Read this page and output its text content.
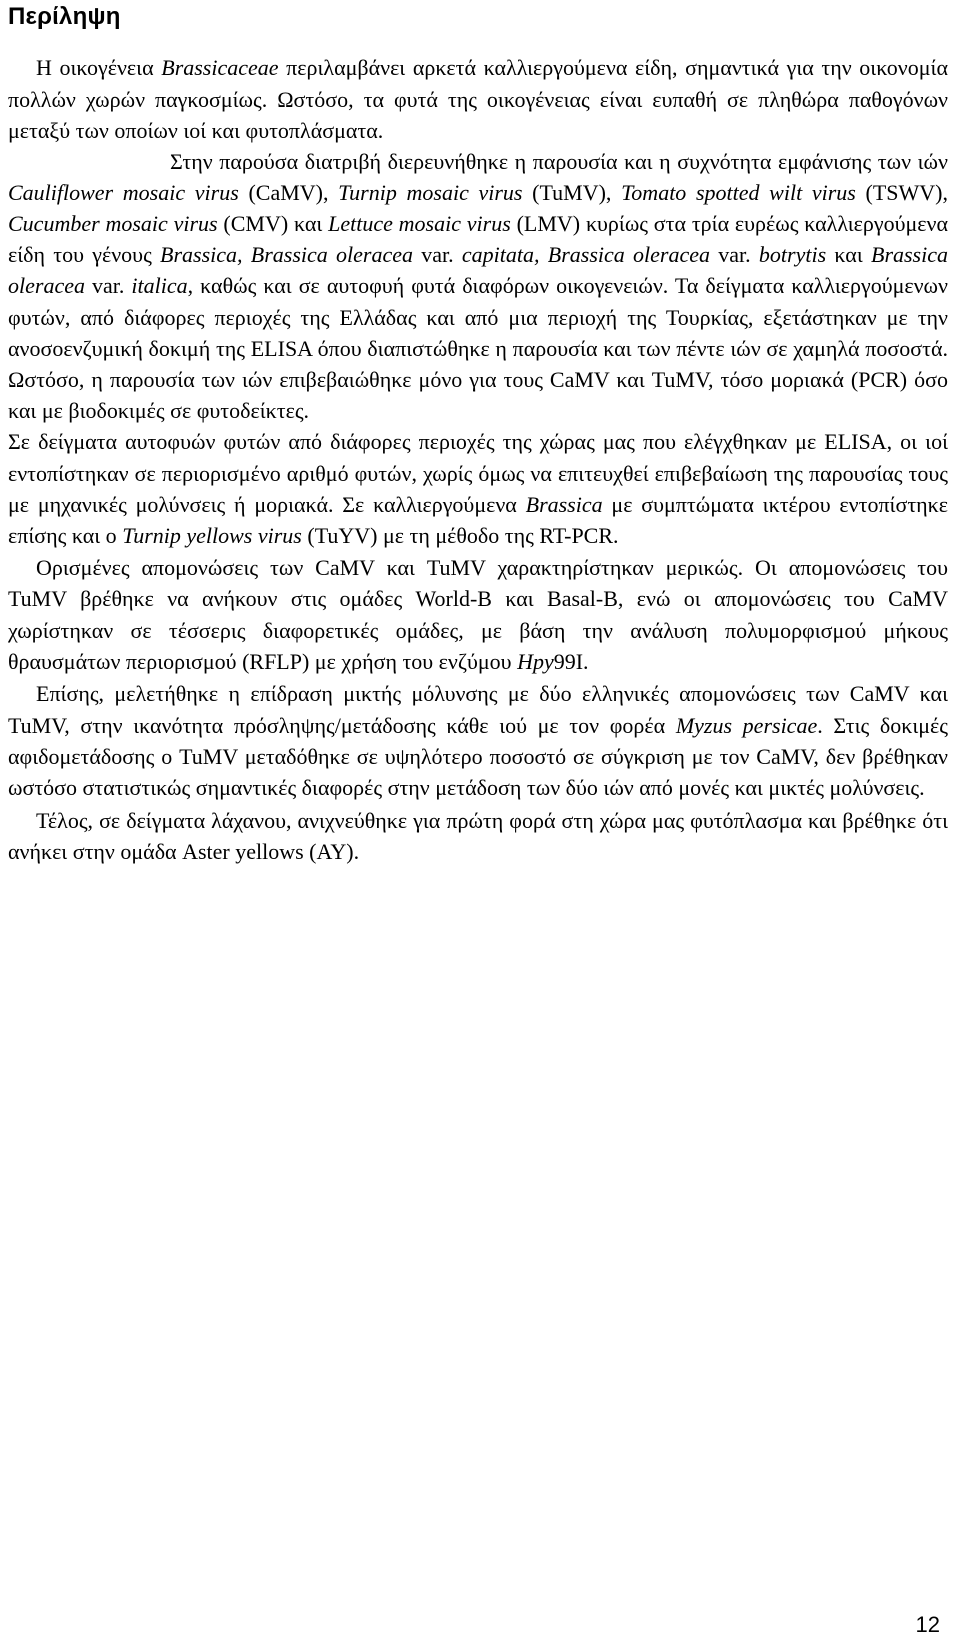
Περίληψη

Η οικογένεια Brassicaceae περιλαμβάνει αρκετά καλλιεργούμενα είδη, σημαντικά για την οικονομία πολλών χωρών παγκοσμίως. Ωστόσο, τα φυτά της οικογένειας είναι ευπαθή σε πληθώρα παθογόνων μεταξύ των οποίων ιοί και φυτοπλάσματα.

Στην παρούσα διατριβή διερευνήθηκε η παρουσία και η συχνότητα εμφάνισης των ιών Cauliflower mosaic virus (CaMV), Turnip mosaic virus (TuMV), Tomato spotted wilt virus (TSWV), Cucumber mosaic virus (CMV) και Lettuce mosaic virus (LMV) κυρίως στα τρία ευρέως καλλιεργούμενα είδη του γένους Brassica, Brassica oleracea var. capitata, Brassica oleracea var. botrytis και Brassica oleracea var. italica, καθώς και σε αυτοφυή φυτά διαφόρων οικογενειών. Τα δείγματα καλλιεργούμενων φυτών, από διάφορες περιοχές της Ελλάδας και από μια περιοχή της Τουρκίας, εξετάστηκαν με την ανοσοενζυμική δοκιμή της ELISA όπου διαπιστώθηκε η παρουσία και των πέντε ιών σε χαμηλά ποσοστά. Ωστόσο, η παρουσία των ιών επιβεβαιώθηκε μόνο για τους CaMV και TuMV, τόσο μοριακά (PCR) όσο και με βιοδοκιμές σε φυτοδείκτες.

Σε δείγματα αυτοφυών φυτών από διάφορες περιοχές της χώρας μας που ελέγχθηκαν με ELISA, οι ιοί εντοπίστηκαν σε περιορισμένο αριθμό φυτών, χωρίς όμως να επιτευχθεί επιβεβαίωση της παρουσίας τους με μηχανικές μολύνσεις ή μοριακά. Σε καλλιεργούμενα Brassica με συμπτώματα ικτέρου εντοπίστηκε επίσης και ο Turnip yellows virus (TuYV) με τη μέθοδο της RT-PCR.

Ορισμένες απομονώσεις των CaMV και TuMV χαρακτηρίστηκαν μερικώς. Οι απομονώσεις του TuMV βρέθηκε να ανήκουν στις ομάδες World-B και Basal-B, ενώ οι απομονώσεις του CaMV χωρίστηκαν σε τέσσερις διαφορετικές ομάδες, με βάση την ανάλυση πολυμορφισμού μήκους θραυσμάτων περιορισμού (RFLP) με χρήση του ενζύμου Hpy99I.

Επίσης, μελετήθηκε η επίδραση μικτής μόλυνσης με δύο ελληνικές απομονώσεις των CaMV και TuMV, στην ικανότητα πρόσληψης/μετάδοσης κάθε ιού με τον φορέα Myzus persicae. Στις δοκιμές αφιδομετάδοσης ο TuMV μεταδόθηκε σε υψηλότερο ποσοστό σε σύγκριση με τον CaMV, δεν βρέθηκαν ωστόσο στατιστικώς σημαντικές διαφορές στην μετάδοση των δύο ιών από μονές και μικτές μολύνσεις.

Τέλος, σε δείγματα λάχανου, ανιχνεύθηκε για πρώτη φορά στη χώρα μας φυτόπλασμα και βρέθηκε ότι ανήκει στην ομάδα Aster yellows (AY).

12
